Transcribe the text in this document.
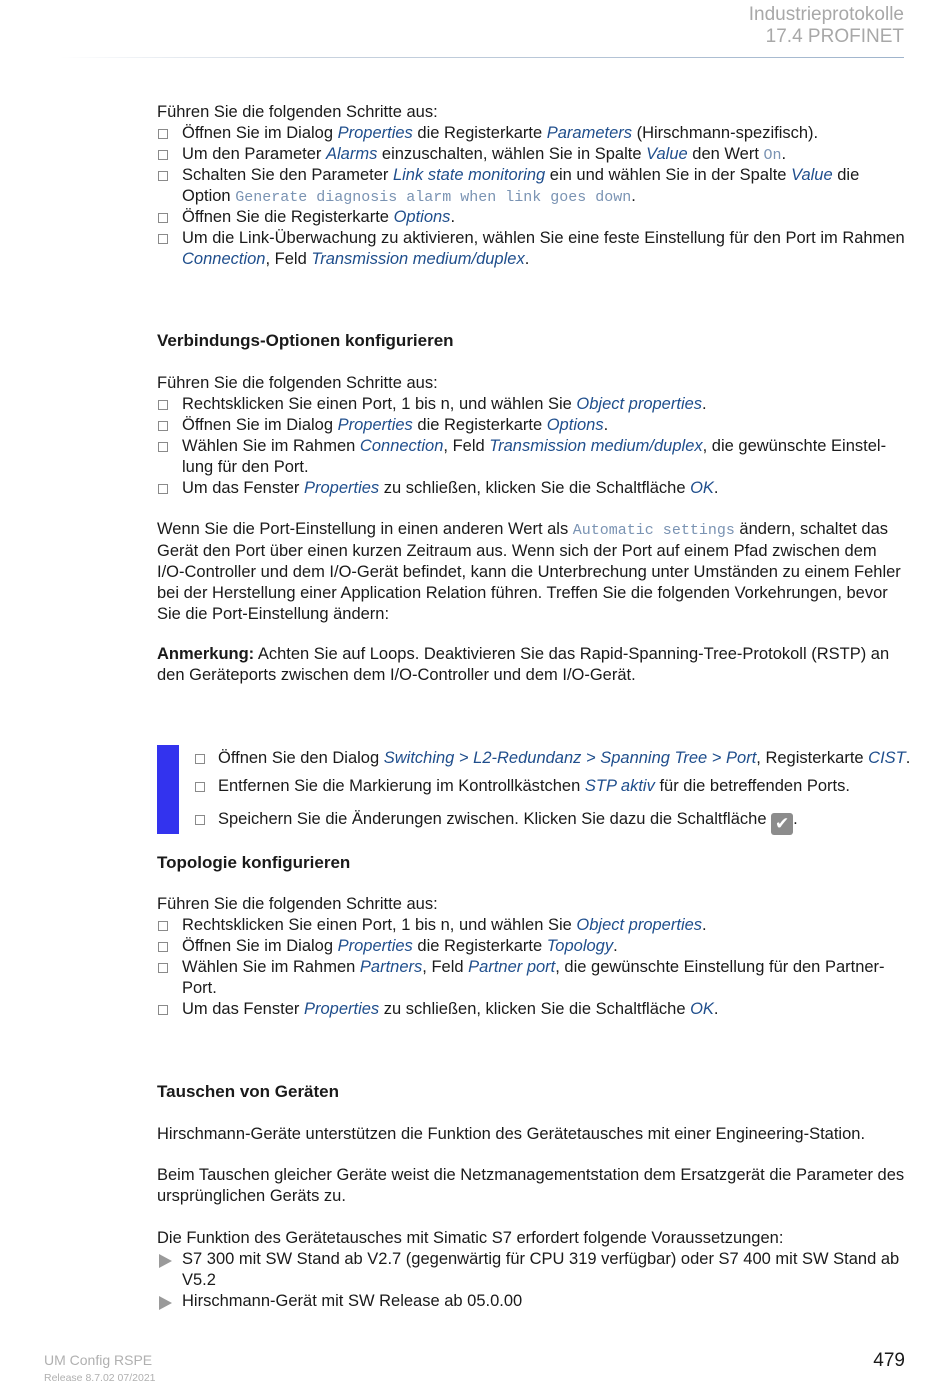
Industrieprotokolle
17.4 PROFINET
Führen Sie die folgenden Schritte aus:
Öffnen Sie im Dialog Properties die Registerkarte Parameters (Hirschmann-spezifisch).
Um den Parameter Alarms einzuschalten, wählen Sie in Spalte Value den Wert On.
Schalten Sie den Parameter Link state monitoring ein und wählen Sie in der Spalte Value die Option Generate diagnosis alarm when link goes down.
Öffnen Sie die Registerkarte Options.
Um die Link-Überwachung zu aktivieren, wählen Sie eine feste Einstellung für den Port im Rahmen Connection, Feld Transmission medium/duplex.
Verbindungs-Optionen konfigurieren
Führen Sie die folgenden Schritte aus:
Rechtsklicken Sie einen Port, 1 bis n, und wählen Sie Object properties.
Öffnen Sie im Dialog Properties die Registerkarte Options.
Wählen Sie im Rahmen Connection, Feld Transmission medium/duplex, die gewünschte Einstel-lung für den Port.
Um das Fenster Properties zu schließen, klicken Sie die Schaltfläche OK.
Wenn Sie die Port-Einstellung in einen anderen Wert als Automatic settings ändern, schaltet das Gerät den Port über einen kurzen Zeitraum aus. Wenn sich der Port auf einem Pfad zwischen dem I/O-Controller und dem I/O-Gerät befindet, kann die Unterbrechung unter Umständen zu einem Fehler bei der Herstellung einer Application Relation führen. Treffen Sie die folgenden Vorkehrungen, bevor Sie die Port-Einstellung ändern:
Anmerkung: Achten Sie auf Loops. Deaktivieren Sie das Rapid-Spanning-Tree-Protokoll (RSTP) an den Geräteports zwischen dem I/O-Controller und dem I/O-Gerät.
Öffnen Sie den Dialog Switching > L2-Redundanz > Spanning Tree > Port, Registerkarte CIST.
Entfernen Sie die Markierung im Kontrollkästchen STP aktiv für die betreffenden Ports.
Speichern Sie die Änderungen zwischen. Klicken Sie dazu die Schaltfläche ✔ .
Topologie konfigurieren
Führen Sie die folgenden Schritte aus:
Rechtsklicken Sie einen Port, 1 bis n, und wählen Sie Object properties.
Öffnen Sie im Dialog Properties die Registerkarte Topology.
Wählen Sie im Rahmen Partners, Feld Partner port, die gewünschte Einstellung für den Partner-Port.
Um das Fenster Properties zu schließen, klicken Sie die Schaltfläche OK.
Tauschen von Geräten
Hirschmann-Geräte unterstützen die Funktion des Gerätetausches mit einer Engineering-Station.
Beim Tauschen gleicher Geräte weist die Netzmanagementstation dem Ersatzgerät die Parameter des ursprünglichen Geräts zu.
Die Funktion des Gerätetausches mit Simatic S7 erfordert folgende Voraussetzungen:
S7 300 mit SW Stand ab V2.7 (gegenwärtig für CPU 319 verfügbar) oder S7 400 mit SW Stand ab V5.2
Hirschmann-Gerät mit SW Release ab 05.0.00
UM Config RSPE
Release 8.7.02 07/2021
479
